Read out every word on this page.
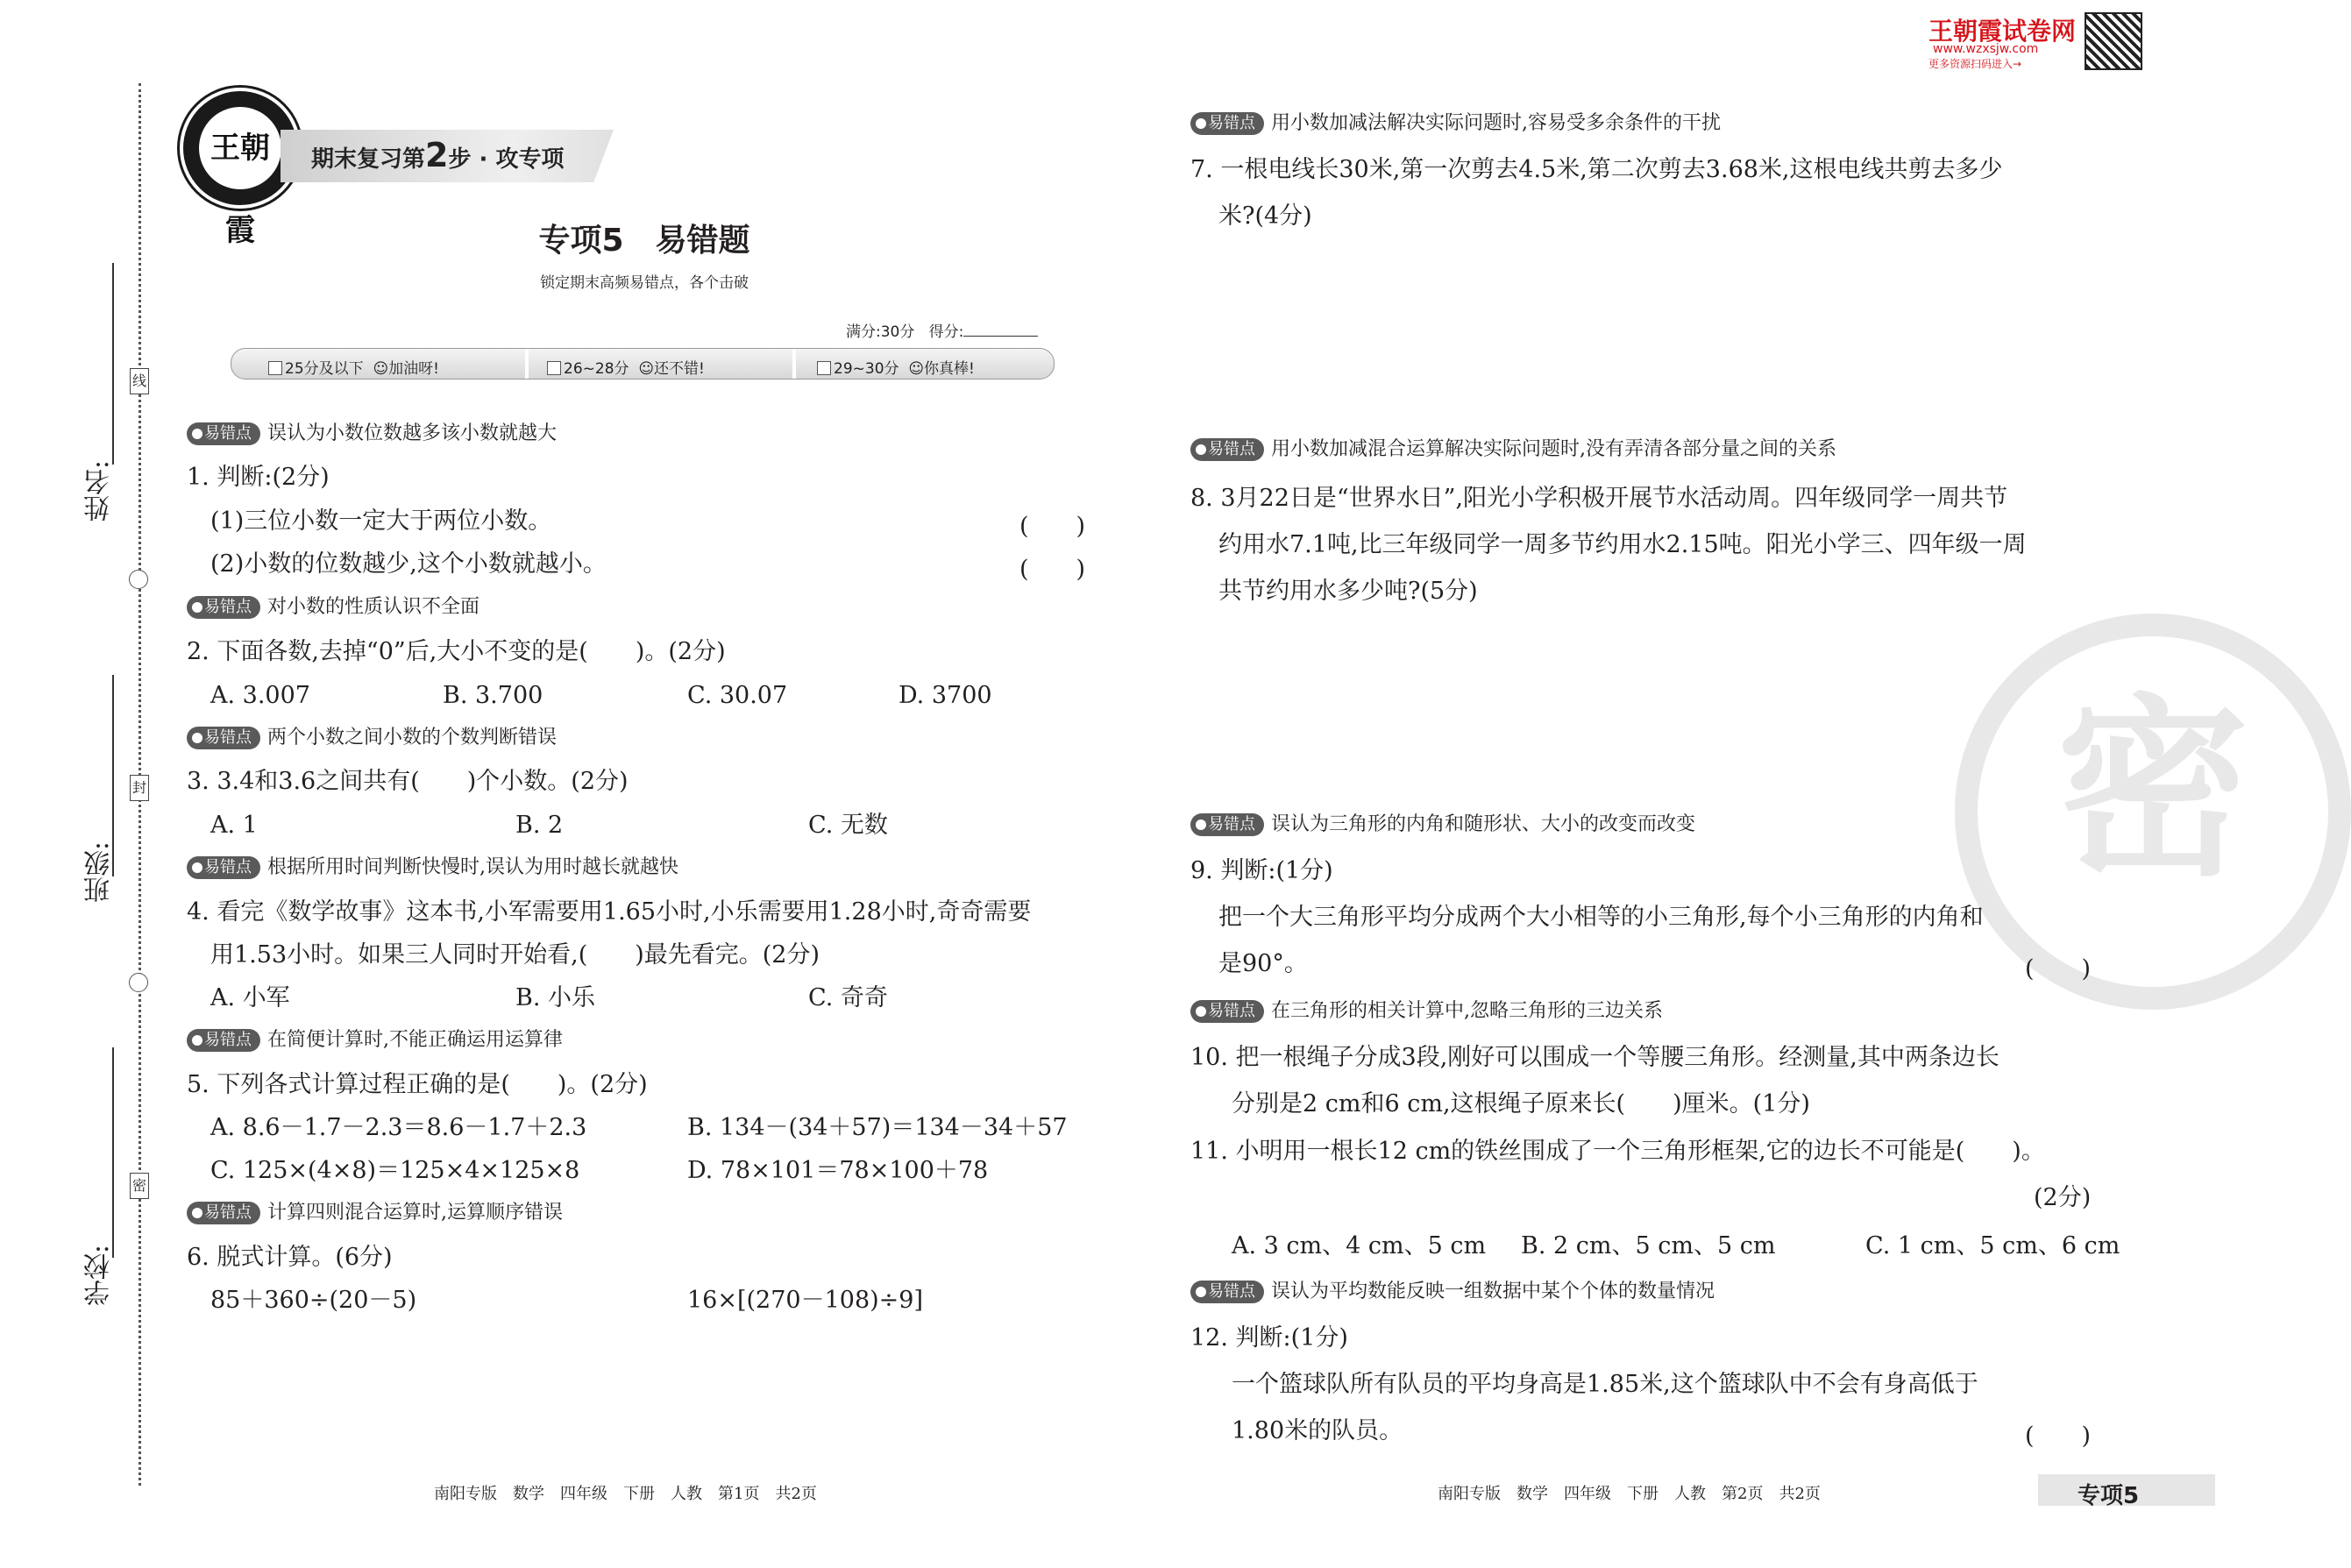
王朝霞试卷网
www.wzxsjw.com
更多资源扫码进入→
密
线
封
密
姓名:
班级:
学校:
王朝霞
期末复习第2步 · 攻专项
专项5　易错题
锁定期末高频易错点，各个击破
满分:30分 得分:
25分及以下  ☺加油呀!	26~28分  ☺还不错!	29~30分  ☺你真棒!
易错点 误认为小数位数越多该小数就越大
1. 判断:(2分)
(1)三位小数一定大于两位小数。	(　　)
(2)小数的位数越少,这个小数就越小。	(　　)
易错点 对小数的性质认识不全面
2. 下面各数,去掉“0”后,大小不变的是(　　)。(2分)
A. 3.007	B. 3.700	C. 30.07	D. 3700
易错点 两个小数之间小数的个数判断错误
3. 3.4和3.6之间共有(　　)个小数。(2分)
A. 1	B. 2	C. 无数
易错点 根据所用时间判断快慢时,误认为用时越长就越快
4. 看完《数学故事》这本书,小军需要用1.65小时,小乐需要用1.28小时,奇奇需要
用1.53小时。如果三人同时开始看,(　　)最先看完。(2分)
A. 小军	B. 小乐	C. 奇奇
易错点 在简便计算时,不能正确运用运算律
5. 下列各式计算过程正确的是(　　)。(2分)
A. 8.6－1.7－2.3＝8.6－1.7＋2.3	B. 134－(34＋57)＝134－34＋57
C. 125×(4×8)＝125×4×125×8	D. 78×101＝78×100＋78
易错点 计算四则混合运算时,运算顺序错误
6. 脱式计算。(6分)
85＋360÷(20－5)	16×[(270－108)÷9]
南阳专版　数学　四年级　下册　人教　第1页　共2页
易错点 用小数加减法解决实际问题时,容易受多余条件的干扰
7. 一根电线长30米,第一次剪去4.5米,第二次剪去3.68米,这根电线共剪去多少
米?(4分)
易错点 用小数加减混合运算解决实际问题时,没有弄清各部分量之间的关系
8. 3月22日是“世界水日”,阳光小学积极开展节水活动周。四年级同学一周共节
约用水7.1吨,比三年级同学一周多节约用水2.15吨。阳光小学三、四年级一周
共节约用水多少吨?(5分)
易错点 误认为三角形的内角和随形状、大小的改变而改变
9. 判断:(1分)
把一个大三角形平均分成两个大小相等的小三角形,每个小三角形的内角和
是90°。	(　　)
易错点 在三角形的相关计算中,忽略三角形的三边关系
10. 把一根绳子分成3段,刚好可以围成一个等腰三角形。经测量,其中两条边长
分别是2 cm和6 cm,这根绳子原来长(　　)厘米。(1分)
11. 小明用一根长12 cm的铁丝围成了一个三角形框架,它的边长不可能是(　　)。
(2分)
A. 3 cm、4 cm、5 cm B. 2 cm、5 cm、5 cm	C. 1 cm、5 cm、6 cm
易错点 误认为平均数能反映一组数据中某个个体的数量情况
12. 判断:(1分)
一个篮球队所有队员的平均身高是1.85米,这个篮球队中不会有身高低于
1.80米的队员。	(　　)
南阳专版　数学　四年级　下册　人教　第2页　共2页	专项5
